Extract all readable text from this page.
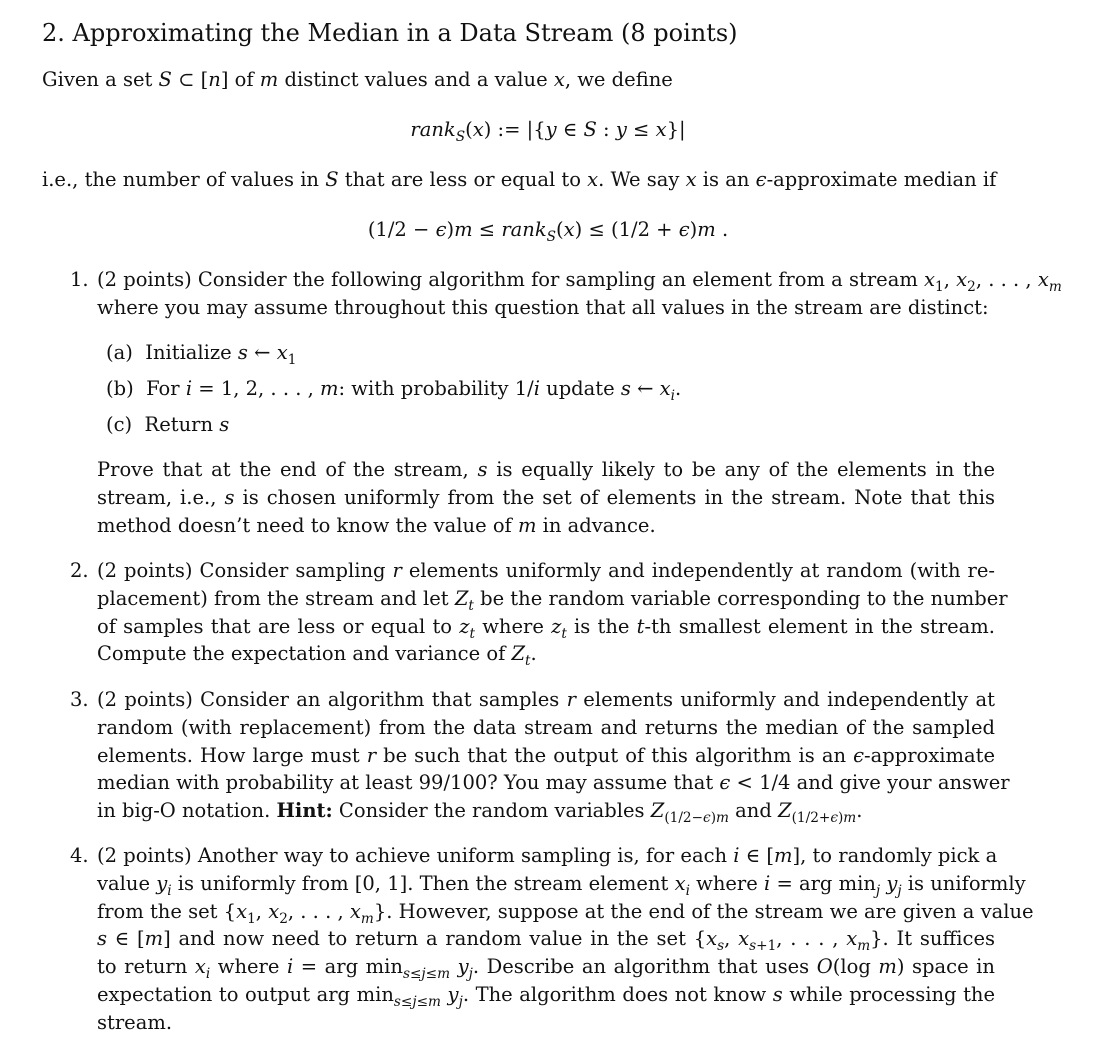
2. Approximating the Median in a Data Stream (8 points)
Given a set S ⊂ [n] of m distinct values and a value x, we define
rank$_S$(x) := |{y ∈ S : y ≤ x}|
i.e., the number of values in S that are less or equal to x. We say x is an ϵ-approximate median if
(1/2 − ϵ)m ≤ rank$_S$(x) ≤ (1/2 + ϵ)m .
1. (2 points) Consider the following algorithm for sampling an element from a stream $x_1$, $x_2$, . . . , $x_m$
where you may assume throughout this question that all values in the stream are distinct:
(a)  Initialize s ← $x_1$
(b)  For i = 1, 2, . . . , m: with probability 1/i update s ← $x_i$.
(c)  Return s
Prove that at the end of the stream, s is equally likely to be any of the elements in the
stream, i.e., s is chosen uniformly from the set of elements in the stream. Note that this
method doesn’t need to know the value of m in advance.
2. (2 points) Consider sampling r elements uniformly and independently at random (with re-
placement) from the stream and let $Z_t$ be the random variable corresponding to the number
of samples that are less or equal to $z_t$ where $z_t$ is the t-th smallest element in the stream.
Compute the expectation and variance of $Z_t$.
3. (2 points) Consider an algorithm that samples r elements uniformly and independently at
random (with replacement) from the data stream and returns the median of the sampled
elements. How large must r be such that the output of this algorithm is an ϵ-approximate
median with probability at least 99/100? You may assume that ϵ < 1/4 and give your answer
in big-O notation. Hint: Consider the random variables $Z_{(1/2-\epsilon)m}$ and $Z_{(1/2+\epsilon)m}$.
4. (2 points) Another way to achieve uniform sampling is, for each i ∈ [m], to randomly pick a
value $y_i$ is uniformly from [0, 1]. Then the stream element $x_i$ where i = arg $\min_j y_j$ is uniformly
from the set {$x_1$, $x_2$, . . . , $x_m$}. However, suppose at the end of the stream we are given a value
s ∈ [m] and now need to return a random value in the set {$x_s$, $x_{s+1}$, . . . , $x_m$}. It suffices
to return $x_i$ where i = arg $\min_{s\le j\le m} y_j$. Describe an algorithm that uses O(log m) space in
expectation to output arg $\min_{s\le j\le m} y_j$. The algorithm does not know s while processing the
stream.
